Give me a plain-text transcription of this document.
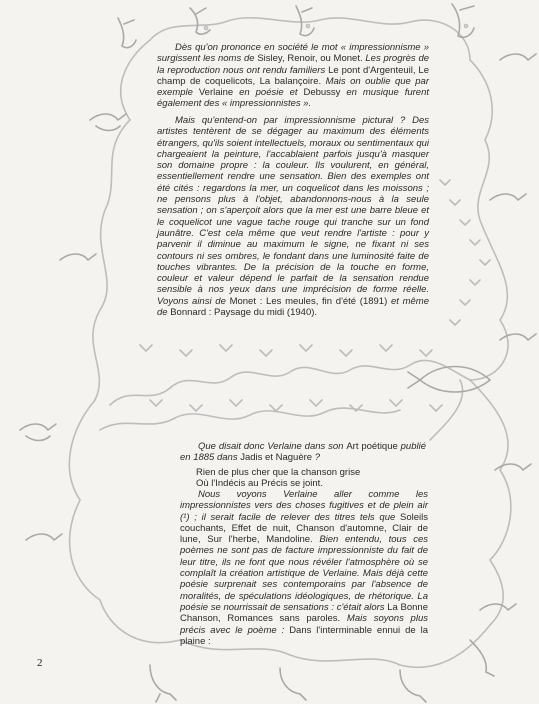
Dès qu'on prononce en société le mot « impressionnisme » surgissent les noms de Sisley, Renoir, ou Monet. Les progrès de la reproduction nous ont rendu familiers Le pont d'Argenteuil, Le champ de coquelicots, La balançoire. Mais on oublie que par exemple Verlaine en poésie et Debussy en musique furent également des « impressionnistes ».

Mais qu'entend-on par impressionnisme pictural ? Des artistes tentèrent de se dégager au maximum des éléments étrangers, qu'ils soient intellectuels, moraux ou sentimentaux qui chargeaient la peinture, l'accablaient parfois jusqu'à masquer son domaine propre : la couleur. Ils voulurent, en général, essentiellement rendre une sensation. Bien des exemples ont été cités : regardons la mer, un coquelicot dans les moissons ; ne pensons plus à l'objet, abandonnons-nous à la seule sensation ; on s'aperçoit alors que la mer est une barre bleue et le coquelicot une vague tache rouge qui tranche sur un fond jaunâtre. C'est cela même que veut rendre l'artiste : pour y parvenir il diminue au maximum le signe, ne fixant ni ses contours ni ses ombres, le fondant dans une luminosité faite de touches vibrantes. De la précision de la touche en forme, couleur et valeur dépend le parfait de la sensation rendue sensible à nos yeux dans une imprécision de forme réelle. Voyons ainsi de Monet : Les meules, fin d'été (1891) et même de Bonnard : Paysage du midi (1940).

Que disait donc Verlaine dans son Art poétique publié en 1885 dans Jadis et Naguère ?

Rien de plus cher que la chanson grise

Où l'Indécis au Précis se joint.

Nous voyons Verlaine aller comme les impressionnistes vers des choses fugitives et de plein air (¹) ; il serait facile de relever des titres tels que Soleils couchants, Effet de nuit, Chanson d'automne, Clair de lune, Sur l'herbe, Mandoline. Bien entendu, tous ces poèmes ne sont pas de facture impressionniste du fait de leur titre, ils ne font que nous révéler l'atmosphère où se complaît la création artistique de Verlaine. Mais déjà cette poésie surprenait ses contemporains par l'absence de moralités, de spéculations idéologiques, de rhétorique. La poésie se nourrissait de sensations : c'était alors La Bonne Chanson, Romances sans paroles. Mais soyons plus précis avec le poème : Dans l'interminable ennui de la plaine :

2
